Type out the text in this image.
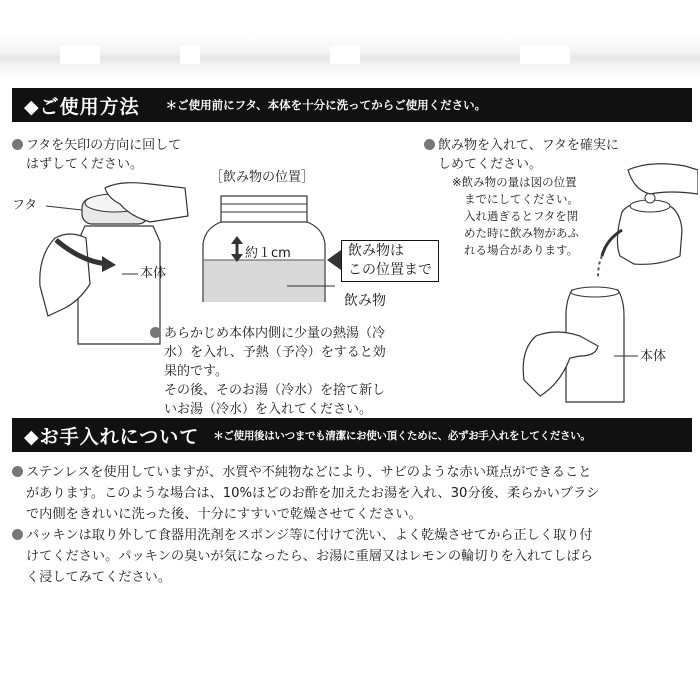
◆ご使用方法 ＊ご使用前にフタ、本体を十分に洗ってからご使用ください。
フタを矢印の方向に回して
はずしてください。
フタ
本体
［飲み物の位置］
約１cm	飲み物は
この位置まで
飲み物
あらかじめ本体内側に少量の熱湯（冷
水）を入れ、予熱（予冷）をすると効
果的です。
その後、そのお湯（冷水）を捨て新し
いお湯（冷水）を入れてください。
飲み物を入れて、フタを確実に
しめてください。
※飲み物の量は図の位置
までにしてください。
入れ過ぎるとフタを閉
めた時に飲み物があふ
れる場合があります。
本体
◆お手入れについて ＊ご使用後はいつまでも清潔にお使い頂くために、必ずお手入れをしてください。
ステンレスを使用していますが、水質や不純物などにより、サビのような赤い斑点ができること
があります。このような場合は、10%ほどのお酢を加えたお湯を入れ、30分後、柔らかいブラシ
で内側をきれいに洗った後、十分にすすいで乾燥させてください。
パッキンは取り外して食器用洗剤をスポンジ等に付けて洗い、よく乾燥させてから正しく取り付
けてください。パッキンの臭いが気になったら、お湯に重層又はレモンの輪切りを入れてしばら
く浸してみてください。
